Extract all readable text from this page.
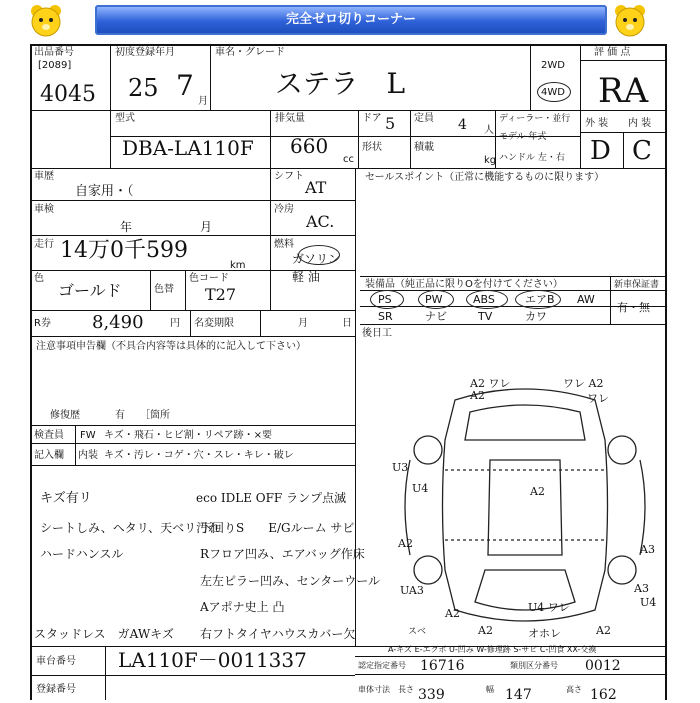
完全ゼロ切りコーナー
出品番号
[2089]
4045
初度登録年月
25 7 月
車名・グレード
ステラ　L
2WD
4WD
評 価 点
RA
型式
DBA-LA110F
排気量
660
cc
ドア 5 定員 4 人
形状	積載
kg
ディーラー・並行
モデル 年式
ハンドル 左・右
外 装 内 装
D C
車歴
自家用・（
シフト
AT
車検
年	月
冷房
AC.
走行 14万0千599
km
燃料
ガソリン 軽 油
色
ゴールド	色替
色コード
T27
R券 8,490	円 名変期限	月	日
注意事項申告欄（不具合内容等は具体的に記入して下さい）
修復歴	有 ［箇所
検査員 FW キズ・飛石・ヒビ割・リペア跡・×要
記入欄 内装 キズ・汚レ・コゲ・穴・スレ・キレ・破レ
キズ有リ
シートしみ、ヘタリ、天ベリ汚れ
ハードハンスル
スタッドレス　ガAWキズ
eco IDLE OFF ランプ点滅
下回りS　　E/Gルーム サビ
Rフロア凹み、エアバッグ作床
左左ピラー凹み、センターウール
Aアポナ史上 凸
右フトタイヤハウスカバー欠
セールスポイント（正常に機能するものに限ります）
装備品（純正品に限りOを付けてください）	新車保証書
有・無
PS	PW	ABS	エアB AW
SR	ナビ	TV	カワ
後日工
A2 ワレ	ワレ A2
A2	ワレ
U3
U4	A2
A2	A3
A3
U4
UA3
U4 ワレ
A2
オホレ
A2
スベ	A2
A-キズ E-エクボ U-凹み W-修理跡 S-サビ C-凹食 XX-交換
車台番号 LA110F－0011337
登録番号
認定指定番号 16716	類別区分番号 0012
車体寸法 長さ 339	幅 147	高さ 162
